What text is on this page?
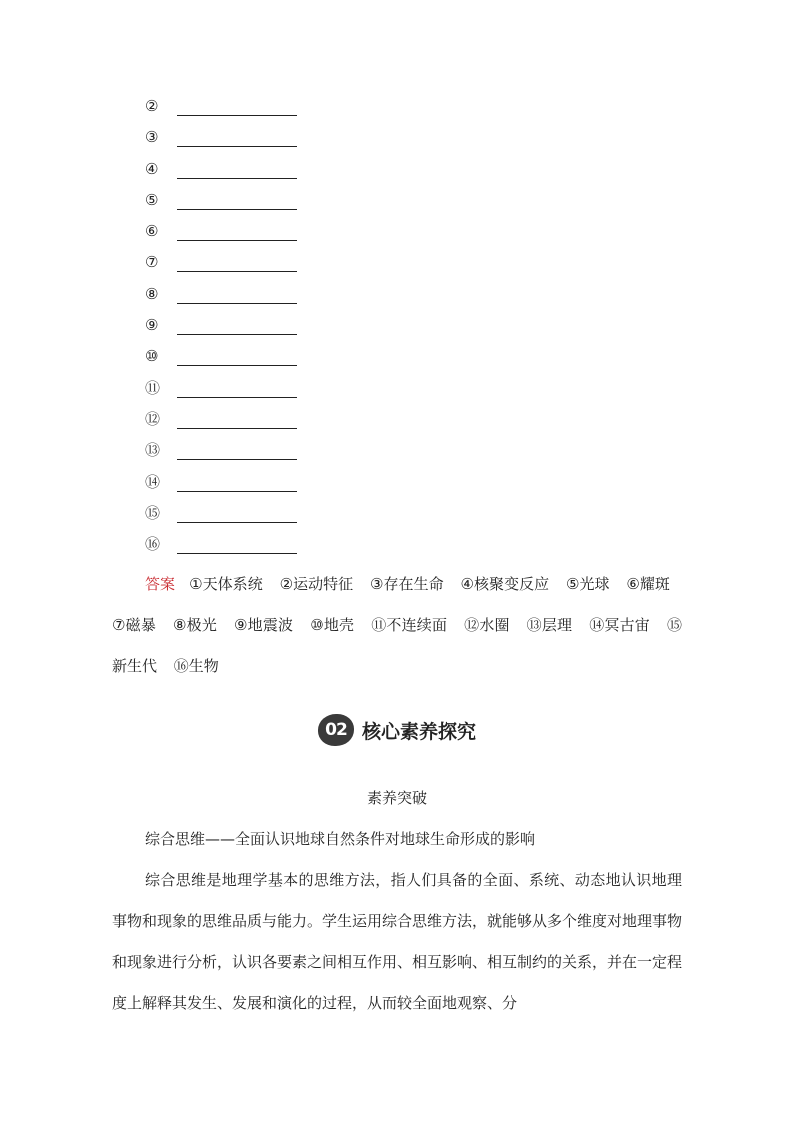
②
③
④
⑤
⑥
⑦
⑧
⑨
⑩
⑪
⑫
⑬
⑭
⑮
⑯
答案 ①天体系统 ②运动特征 ③存在生命 ④核聚变反应 ⑤光球 ⑥耀斑 ⑦磁暴 ⑧极光 ⑨地震波 ⑩地壳 ⑪不连续面 ⑫水圈 ⑬层理 ⑭冥古宙 ⑮新生代 ⑯生物
02 核心素养探究
素养突破
综合思维——全面认识地球自然条件对地球生命形成的影响
综合思维是地理学基本的思维方法，指人们具备的全面、系统、动态地认识地理事物和现象的思维品质与能力。学生运用综合思维方法，就能够从多个维度对地理事物和现象进行分析，认识各要素之间相互作用、相互影响、相互制约的关系，并在一定程度上解释其发生、发展和演化的过程，从而较全面地观察、分
